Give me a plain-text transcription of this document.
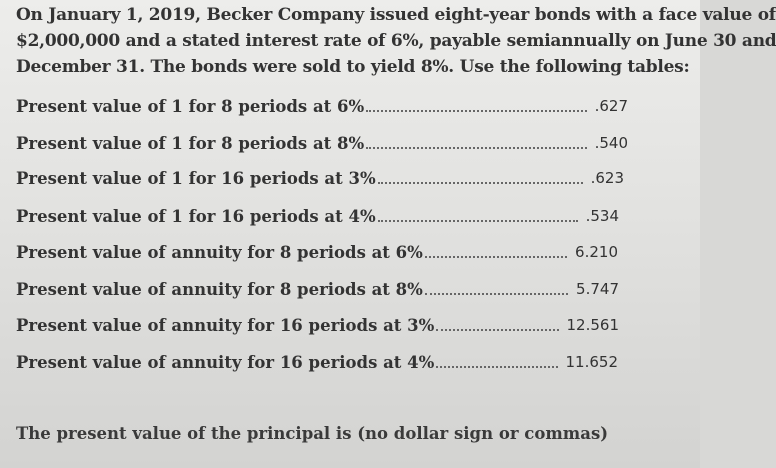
On January 1, 2019, Becker Company issued eight-year bonds with a face value of
$2,000,000 and a stated interest rate of 6%, payable semiannually on June 30 and
December 31. The bonds were sold to yield 8%. Use the following tables:
Present value of 1 for 8 periods at 6%	.627
Present value of 1 for 8 periods at 8%	.540
Present value of 1 for 16 periods at 3%	.623
Present value of 1 for 16 periods at 4%	.534
Present value of annuity for 8 periods at 6%	6.210
Present value of annuity for 8 periods at 8%	5.747
Present value of annuity for 16 periods at 3%	12.561
Present value of annuity for 16 periods at 4%	11.652
The present value of the principal is (no dollar sign or commas)
